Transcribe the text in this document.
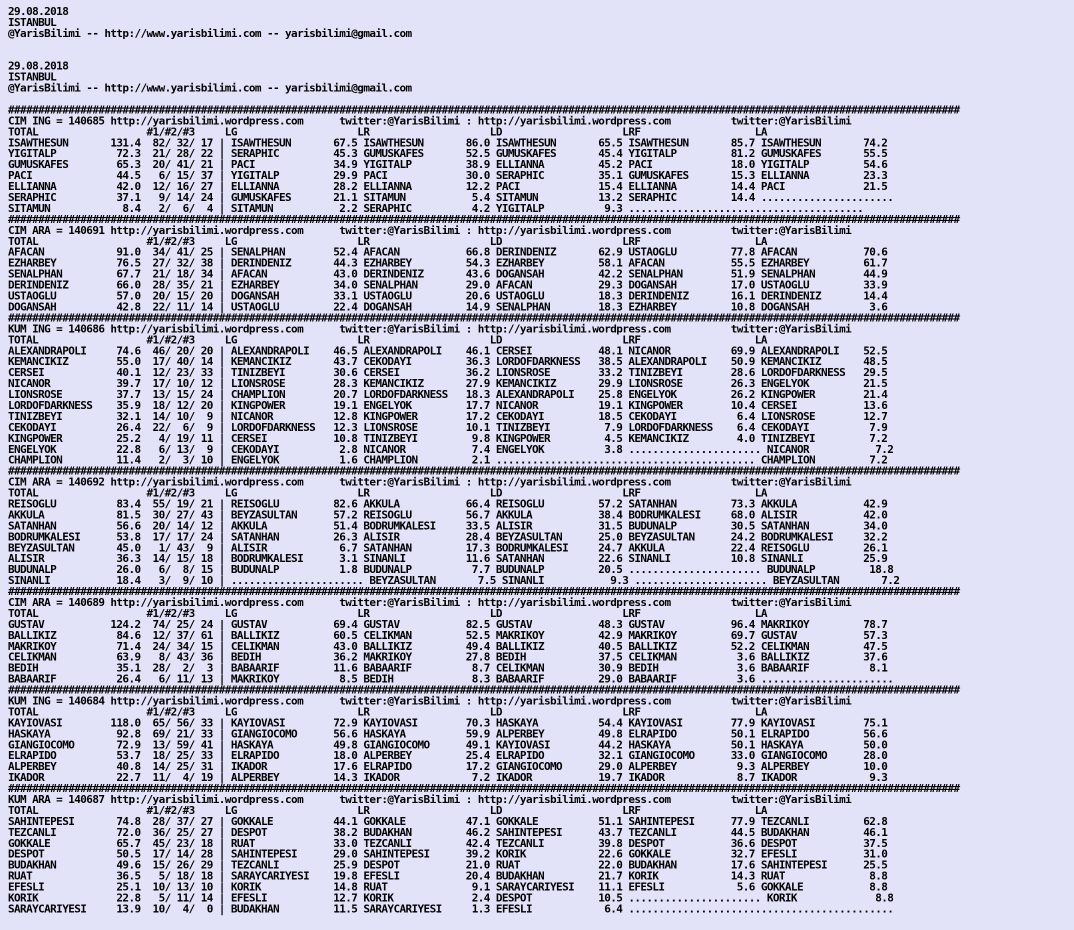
29.08.2018
ISTANBUL
@YarisBilimi -- http://www.yarisbilimi.com -- yarisbilimi@gmail.com
29.08.2018
ISTANBUL
@YarisBilimi -- http://www.yarisbilimi.com -- yarisbilimi@gmail.com
##############################################################################################################################################################
CIM ING = 140685 http://yarisbilimi.wordpress.com      twitter:@YarisBilimi : http://yarisbilimi.wordpress.com          twitter:@YarisBilimi
TOTAL                  #1/#2/#3     LG                    LR                    LD                    LRF                   LA
ISAWTHESUN       131.4  82/ 32/ 17 | ISAWTHESUN       67.5 ISAWTHESUN       86.0 ISAWTHESUN       65.5 ISAWTHESUN       85.7 ISAWTHESUN       74.2
YIGITALP          72.3  21/ 28/ 22 | SERAPHIC         45.3 GUMUSKAFES       52.5 GUMUSKAFES       45.4 YIGITALP         81.2 GUMUSKAFES       55.5
GUMUSKAFES        65.3  20/ 41/ 21 | PACI             34.9 YIGITALP         38.9 ELLIANNA         45.2 PACI             18.0 YIGITALP         54.6
PACI              44.5   6/ 15/ 37 | YIGITALP         29.9 PACI             30.0 SERAPHIC         35.1 GUMUSKAFES       15.3 ELLIANNA         23.3
ELLIANNA          42.0  12/ 16/ 27 | ELLIANNA         28.2 ELLIANNA         12.2 PACI             15.4 ELLIANNA         14.4 PACI             21.5
SERAPHIC          37.1   9/ 14/ 24 | GUMUSKAFES       21.1 SITAMUN           5.4 SITAMUN          13.2 SERAPHIC         14.4 ......................
SITAMUN            8.4   2/  6/  4 | SITAMUN           2.2 SERAPHIC          4.2 YIGITALP          9.3 .......................................
##############################################################################################################################################################
CIM ARA = 140691 http://yarisbilimi.wordpress.com      twitter:@YarisBilimi : http://yarisbilimi.wordpress.com          twitter:@YarisBilimi
TOTAL                  #1/#2/#3     LG                    LR                    LD                    LRF                   LA
AFACAN            91.0  34/ 41/ 25 | SENALPHAN        52.4 AFACAN           66.8 DERINDENIZ       62.9 USTAOGLU         77.8 AFACAN           70.6
EZHARBEY          76.5  27/ 32/ 38 | DERINDENIZ       44.3 EZHARBEY         54.3 EZHARBEY         58.1 AFACAN           55.5 EZHARBEY         61.7
SENALPHAN         67.7  21/ 18/ 34 | AFACAN           43.0 DERINDENIZ       43.6 DOGANSAH         42.2 SENALPHAN        51.9 SENALPHAN        44.9
DERINDENIZ        66.0  28/ 35/ 21 | EZHARBEY         34.0 SENALPHAN        29.0 AFACAN           29.3 DOGANSAH         17.0 USTAOGLU         33.9
USTAOGLU          57.0  20/ 15/ 20 | DOGANSAH         33.1 USTAOGLU         20.6 USTAOGLU         18.3 DERINDENIZ       16.1 DERINDENIZ       14.4
DOGANSAH          42.8  22/ 11/ 14 | USTAOGLU         22.4 DOGANSAH         14.9 SENALPHAN        18.3 EZHARBEY         10.8 DOGANSAH          3.6
##############################################################################################################################################################
KUM ING = 140686 http://yarisbilimi.wordpress.com      twitter:@YarisBilimi : http://yarisbilimi.wordpress.com          twitter:@YarisBilimi
TOTAL                  #1/#2/#3     LG                    LR                    LD                    LRF                   LA
ALEXANDRAPOLI     74.6  46/ 20/ 20 | ALEXANDRAPOLI    46.5 ALEXANDRAPOLI    46.1 CERSEI           48.1 NICANOR          69.9 ALEXANDRAPOLI    52.5
KEMANCIKIZ        55.0  17/ 40/ 14 | KEMANCIKIZ       43.7 CEKODAYI         36.3 LORDOFDARKNESS   38.5 ALEXANDRAPOLI    50.9 KEMANCIKIZ       48.5
CERSEI            40.1  12/ 23/ 33 | TINIZBEYI        30.6 CERSEI           36.2 LIONSROSE        33.2 TINIZBEYI        28.6 LORDOFDARKNESS   29.5
NICANOR           39.7  17/ 10/ 12 | LIONSROSE        28.3 KEMANCIKIZ       27.9 KEMANCIKIZ       29.9 LIONSROSE        26.3 ENGELYOK         21.5
LIONSROSE         37.7  13/ 15/ 24 | CHAMPLION        20.7 LORDOFDARKNESS   18.3 ALEXANDRAPOLI    25.8 ENGELYOK         26.2 KINGPOWER        21.4
LORDOFDARKNESS    35.9  18/ 12/ 20 | KINGPOWER        19.1 ENGELYOK         17.7 NICANOR          19.1 KINGPOWER        10.4 CERSEI           13.6
TINIZBEYI         32.1  14/ 10/  9 | NICANOR          12.8 KINGPOWER        17.2 CEKODAYI         18.5 CEKODAYI          6.4 LIONSROSE        12.7
CEKODAYI          26.4  22/  6/  9 | LORDOFDARKNESS   12.3 LIONSROSE        10.1 TINIZBEYI         7.9 LORDOFDARKNESS    6.4 CEKODAYI          7.9
KINGPOWER         25.2   4/ 19/ 11 | CERSEI           10.8 TINIZBEYI         9.8 KINGPOWER         4.5 KEMANCIKIZ        4.0 TINIZBEYI         7.2
ENGELYOK          22.8   6/ 13/  9 | CEKODAYI          2.8 NICANOR           7.4 ENGELYOK          3.8 ...................... NICANOR           7.2
CHAMPLION         11.4   2/  3/ 10 | ENGELYOK          1.6 CHAMPLION         2.1 ........................................... CHAMPLION         7.2
##############################################################################################################################################################
CIM ARA = 140692 http://yarisbilimi.wordpress.com      twitter:@YarisBilimi : http://yarisbilimi.wordpress.com          twitter:@YarisBilimi
TOTAL                  #1/#2/#3     LG                    LR                    LD                    LRF                   LA
REISOGLU          83.4  55/ 19/ 21 | REISOGLU         82.6 AKKULA           66.4 REISOGLU         57.2 SATANHAN         73.3 AKKULA           42.9
AKKULA            81.5  30/ 27/ 43 | BEYZASULTAN      57.2 REISOGLU         56.7 AKKULA           38.4 BODRUMKALESI     68.0 ALISIR           42.0
SATANHAN          56.6  20/ 14/ 12 | AKKULA           51.4 BODRUMKALESI     33.5 ALISIR           31.5 BUDUNALP         30.5 SATANHAN         34.0
BODRUMKALESI      53.8  17/ 17/ 24 | SATANHAN         26.3 ALISIR           28.4 BEYZASULTAN      25.0 BEYZASULTAN      24.2 BODRUMKALESI     32.2
BEYZASULTAN       45.0   1/ 43/  9 | ALISIR            6.7 SATANHAN         17.3 BODRUMKALESI     24.7 AKKULA           22.4 REISOGLU         26.1
ALISIR            36.3  14/ 15/ 18 | BODRUMKALESI      3.1 SINANLI          11.6 SATANHAN         22.6 SINANLI          10.8 SINANLI          25.9
BUDUNALP          26.0   6/  8/ 15 | BUDUNALP          1.8 BUDUNALP          7.7 BUDUNALP         20.5 ...................... BUDUNALP         18.8
SINANLI           18.4   3/  9/ 10 | ...................... BEYZASULTAN       7.5 SINANLI           9.3 ...................... BEYZASULTAN       7.2
##############################################################################################################################################################
CIM ARA = 140689 http://yarisbilimi.wordpress.com      twitter:@YarisBilimi : http://yarisbilimi.wordpress.com          twitter:@YarisBilimi
TOTAL                  #1/#2/#3     LG                    LR                    LD                    LRF                   LA
GUSTAV           124.2  74/ 25/ 24 | GUSTAV           69.4 GUSTAV           82.5 GUSTAV           48.3 GUSTAV           96.4 MAKRIKOY         78.7
BALLIKIZ          84.6  12/ 37/ 61 | BALLIKIZ         60.5 CELIKMAN         52.5 MAKRIKOY         42.9 MAKRIKOY         69.7 GUSTAV           57.3
MAKRIKOY          71.4  24/ 34/ 15 | CELIKMAN         43.0 BALLIKIZ         49.4 BALLIKIZ         40.5 BALLIKIZ         52.2 CELIKMAN         47.5
CELIKMAN          63.9   8/ 43/ 36 | BEDIH            36.2 MAKRIKOY         27.8 BEDIH            37.5 CELIKMAN          3.6 BALLIKIZ         37.6
BEDIH             35.1  28/  2/  3 | BABAARIF         11.6 BABAARIF          8.7 CELIKMAN         30.9 BEDIH             3.6 BABAARIF          8.1
BABAARIF          26.4   6/ 11/ 13 | MAKRIKOY          8.5 BEDIH             8.3 BABAARIF         29.0 BABAARIF          3.6 ......................
##############################################################################################################################################################
KUM ING = 140684 http://yarisbilimi.wordpress.com      twitter:@YarisBilimi : http://yarisbilimi.wordpress.com          twitter:@YarisBilimi
TOTAL                  #1/#2/#3     LG                    LR                    LD                    LRF                   LA
KAYIOVASI        118.0  65/ 56/ 33 | KAYIOVASI        72.9 KAYIOVASI        70.3 HASKAYA          54.4 KAYIOVASI        77.9 KAYIOVASI        75.1
HASKAYA           92.8  69/ 21/ 33 | GIANGIOCOMO      56.6 HASKAYA          59.9 ALPERBEY         49.8 ELRAPIDO         50.1 ELRAPIDO         56.6
GIANGIOCOMO       72.9  13/ 59/ 41 | HASKAYA          49.8 GIANGIOCOMO      49.1 KAYIOVASI        44.2 HASKAYA          50.1 HASKAYA          50.0
ELRAPIDO          53.7  18/ 25/ 33 | ELRAPIDO         18.0 ALPERBEY         25.4 ELRAPIDO         32.1 GIANGIOCOMO      33.0 GIANGIOCOMO      28.0
ALPERBEY          40.8  14/ 25/ 31 | IKADOR           17.6 ELRAPIDO         17.2 GIANGIOCOMO      29.0 ALPERBEY          9.3 ALPERBEY         10.0
IKADOR            22.7  11/  4/ 19 | ALPERBEY         14.3 IKADOR            7.2 IKADOR           19.7 IKADOR            8.7 IKADOR            9.3
##############################################################################################################################################################
KUM ARA = 140687 http://yarisbilimi.wordpress.com      twitter:@YarisBilimi : http://yarisbilimi.wordpress.com          twitter:@YarisBilimi
TOTAL                  #1/#2/#3     LG                    LR                    LD                    LRF                   LA
SAHINTEPESI       74.8  28/ 37/ 27 | GOKKALE          44.1 GOKKALE          47.1 GOKKALE          51.1 SAHINTEPESI      77.9 TEZCANLI         62.8
TEZCANLI          72.0  36/ 25/ 27 | DESPOT           38.2 BUDAKHAN         46.2 SAHINTEPESI      43.7 TEZCANLI         44.5 BUDAKHAN         46.1
GOKKALE           65.7  45/ 23/ 18 | RUAT             33.0 TEZCANLI         42.4 TEZCANLI         39.8 DESPOT           36.6 DESPOT           37.5
DESPOT            50.5  17/ 14/ 28 | SAHINTEPESI      29.0 SAHINTEPESI      39.2 KORIK            22.6 GOKKALE          32.7 EFESLI           31.0
BUDAKHAN          49.6  15/ 26/ 29 | TEZCANLI         25.9 DESPOT           21.0 RUAT             22.0 BUDAKHAN         17.6 SAHINTEPESI      25.5
RUAT              36.5   5/ 18/ 18 | SARAYCARIYESI    19.8 EFESLI           20.4 BUDAKHAN         21.7 KORIK            14.3 RUAT              8.8
EFESLI            25.1  10/ 13/ 10 | KORIK            14.8 RUAT              9.1 SARAYCARIYESI    11.1 EFESLI            5.6 GOKKALE           8.8
KORIK             22.8   5/ 11/ 14 | EFESLI           12.7 KORIK             2.4 DESPOT           10.5 ...................... KORIK             8.8
SARAYCARIYESI     13.9  10/  4/  0 | BUDAKHAN         11.5 SARAYCARIYESI     1.3 EFESLI            6.4 ............................................
